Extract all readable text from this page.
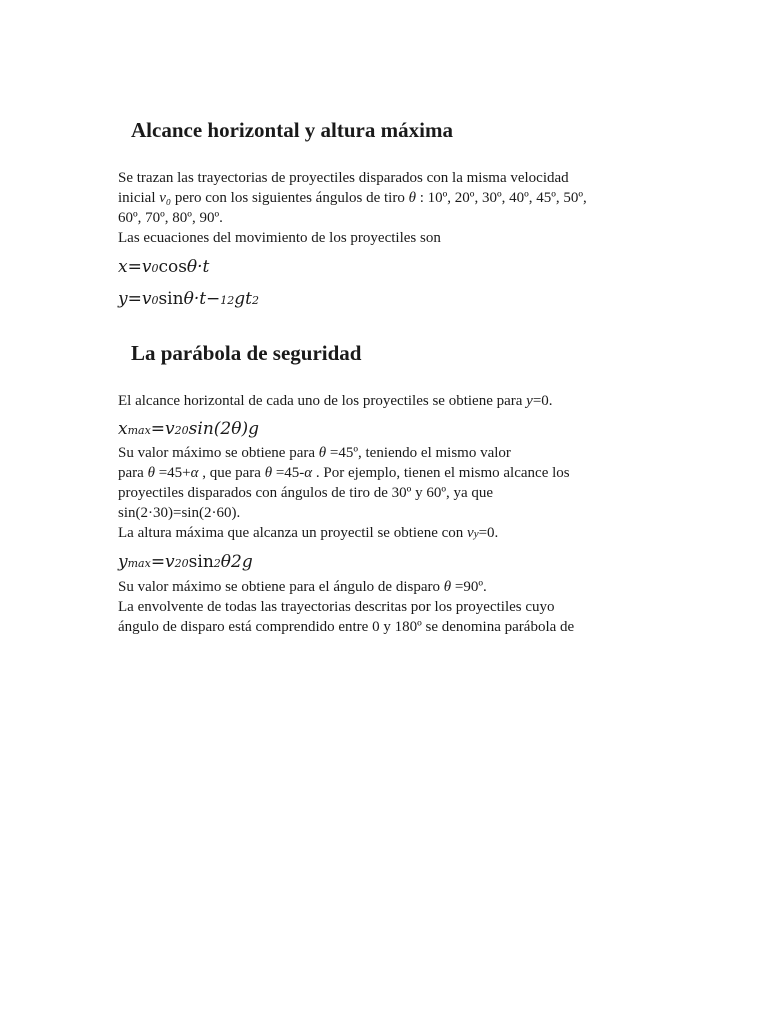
Alcance horizontal y altura máxima

Se trazan las trayectorias de proyectiles disparados con la misma velocidad

inicial v₀ pero con los siguientes ángulos de tiro θ : 10º, 20º, 30º, 40º, 45º, 50º,

60º, 70º, 80º, 90º.

Las ecuaciones del movimiento de los proyectiles son

x=v0cosθ·t

y=v0sinθ·t−12gt2

La parábola de seguridad

El alcance horizontal de cada uno de los proyectiles se obtiene para y=0.

xmax=v20sin(2θ)g

Su valor máximo se obtiene para θ =45º, teniendo el mismo valor

para θ =45+α , que para θ =45-α . Por ejemplo, tienen el mismo alcance los

proyectiles disparados con ángulos de tiro de 30º y 60º, ya que

sin(2·30)=sin(2·60).

La altura máxima que alcanza un proyectil se obtiene con vy=0.

ymax=v20sin2θ2g

Su valor máximo se obtiene para el ángulo de disparo θ =90º.

La envolvente de todas las trayectorias descritas por los proyectiles cuyo

ángulo de disparo está comprendido entre 0 y 180º se denomina parábola de
